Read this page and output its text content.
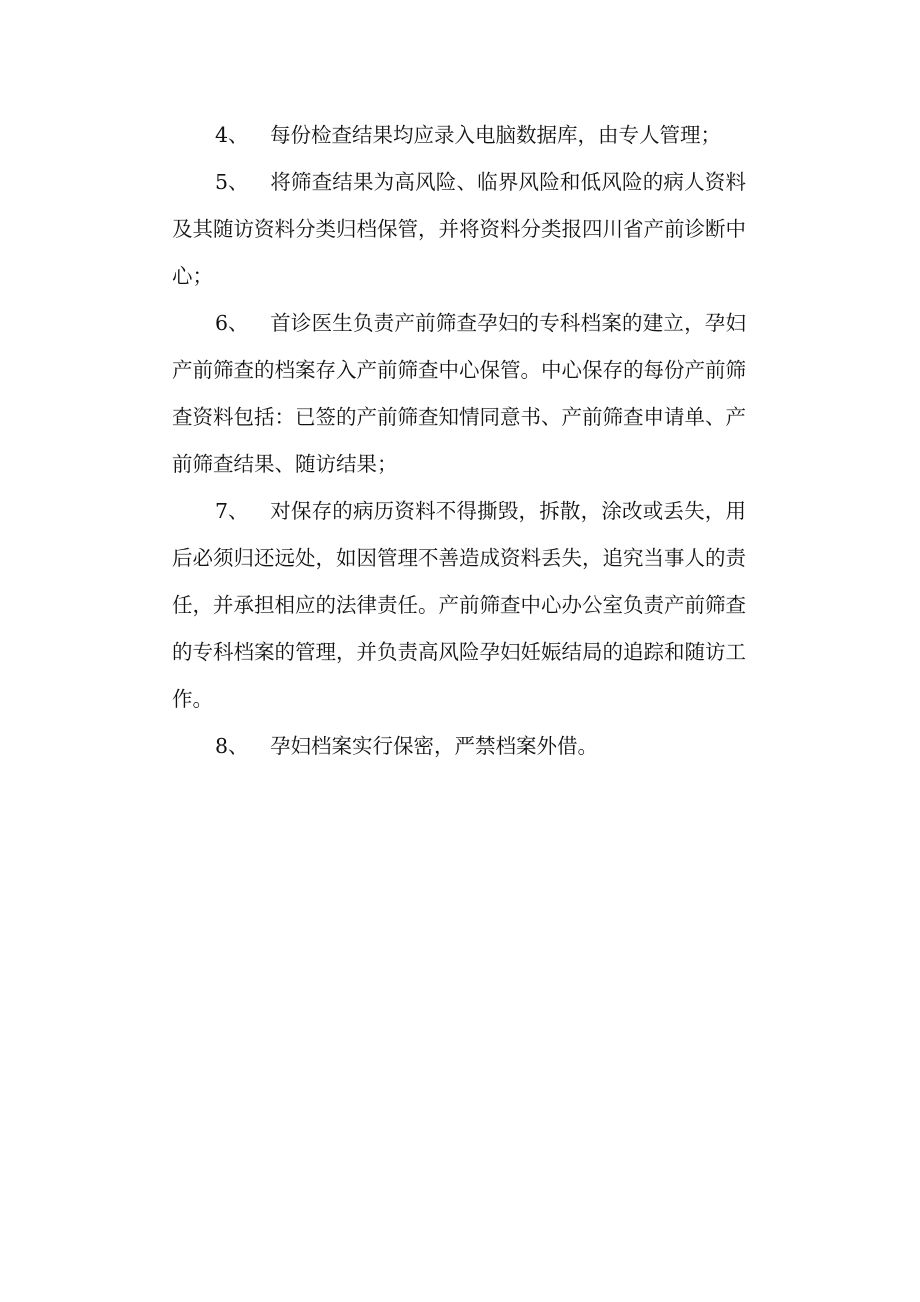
4、 每份检查结果均应录入电脑数据库，由专人管理；

5、 将筛查结果为高风险、临界风险和低风险的病人资料及其随访资料分类归档保管，并将资料分类报四川省产前诊断中心；

6、 首诊医生负责产前筛查孕妇的专科档案的建立，孕妇产前筛查的档案存入产前筛查中心保管。中心保存的每份产前筛查资料包括：已签的产前筛查知情同意书、产前筛查申请单、产前筛查结果、随访结果；

7、 对保存的病历资料不得撕毁，拆散，涂改或丢失，用后必须归还远处，如因管理不善造成资料丢失，追究当事人的责任，并承担相应的法律责任。产前筛查中心办公室负责产前筛查的专科档案的管理，并负责高风险孕妇妊娠结局的追踪和随访工作。

8、 孕妇档案实行保密，严禁档案外借。
